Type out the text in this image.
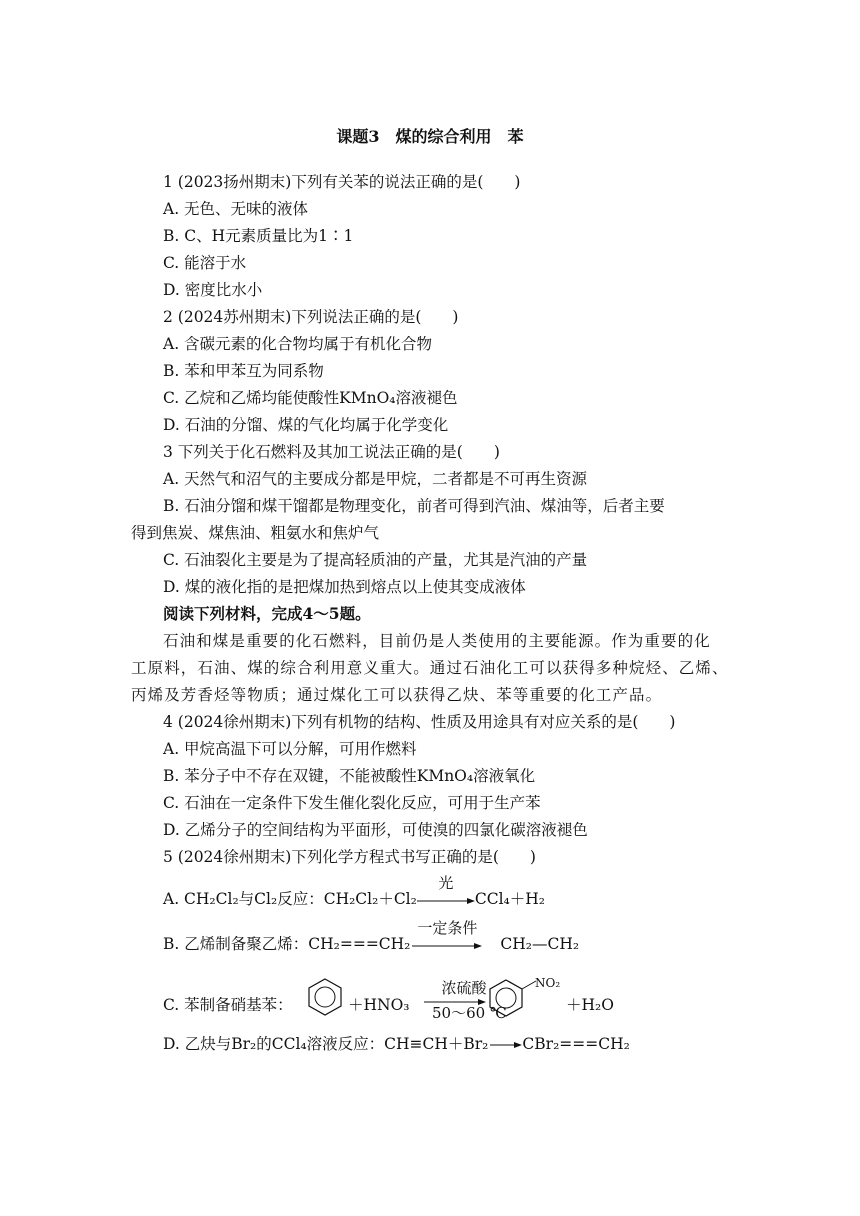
课题3　煤的综合利用　苯
1 (2023扬州期末)下列有关苯的说法正确的是(　　)
A. 无色、无味的液体
B. C、H元素质量比为1∶1
C. 能溶于水
D. 密度比水小
2 (2024苏州期末)下列说法正确的是(　　)
A. 含碳元素的化合物均属于有机化合物
B. 苯和甲苯互为同系物
C. 乙烷和乙烯均能使酸性KMnO₄溶液褪色
D. 石油的分馏、煤的气化均属于化学变化
3 下列关于化石燃料及其加工说法正确的是(　　)
A. 天然气和沼气的主要成分都是甲烷，二者都是不可再生资源
B. 石油分馏和煤干馏都是物理变化，前者可得到汽油、煤油等，后者主要
得到焦炭、煤焦油、粗氨水和焦炉气
C. 石油裂化主要是为了提高轻质油的产量，尤其是汽油的产量
D. 煤的液化指的是把煤加热到熔点以上使其变成液体
阅读下列材料，完成4～5题。
石油和煤是重要的化石燃料，目前仍是人类使用的主要能源。作为重要的化
工原料，石油、煤的综合利用意义重大。通过石油化工可以获得多种烷烃、乙烯、
丙烯及芳香烃等物质；通过煤化工可以获得乙炔、苯等重要的化工产品。
4 (2024徐州期末)下列有机物的结构、性质及用途具有对应关系的是(　　)
A. 甲烷高温下可以分解，可用作燃料
B. 苯分子中不存在双键，不能被酸性KMnO₄溶液氧化
C. 石油在一定条件下发生催化裂化反应，可用于生产苯
D. 乙烯分子的空间结构为平面形，可使溴的四氯化碳溶液褪色
5 (2024徐州期末)下列化学方程式书写正确的是(　　)
A. CH₂Cl₂与Cl₂反应：CH₂Cl₂＋Cl₂
光
CCl₄＋H₂
B. 乙烯制备聚乙烯：CH₂===CH₂
一定条件
CH₂—CH₂
C. 苯制备硝基苯：	＋HNO₃
浓硫酸
50～60 ℃
NO₂
＋H₂O
D. 乙炔与Br₂的CCl₄溶液反应：CH≡CH＋Br₂→CBr₂===CH₂
